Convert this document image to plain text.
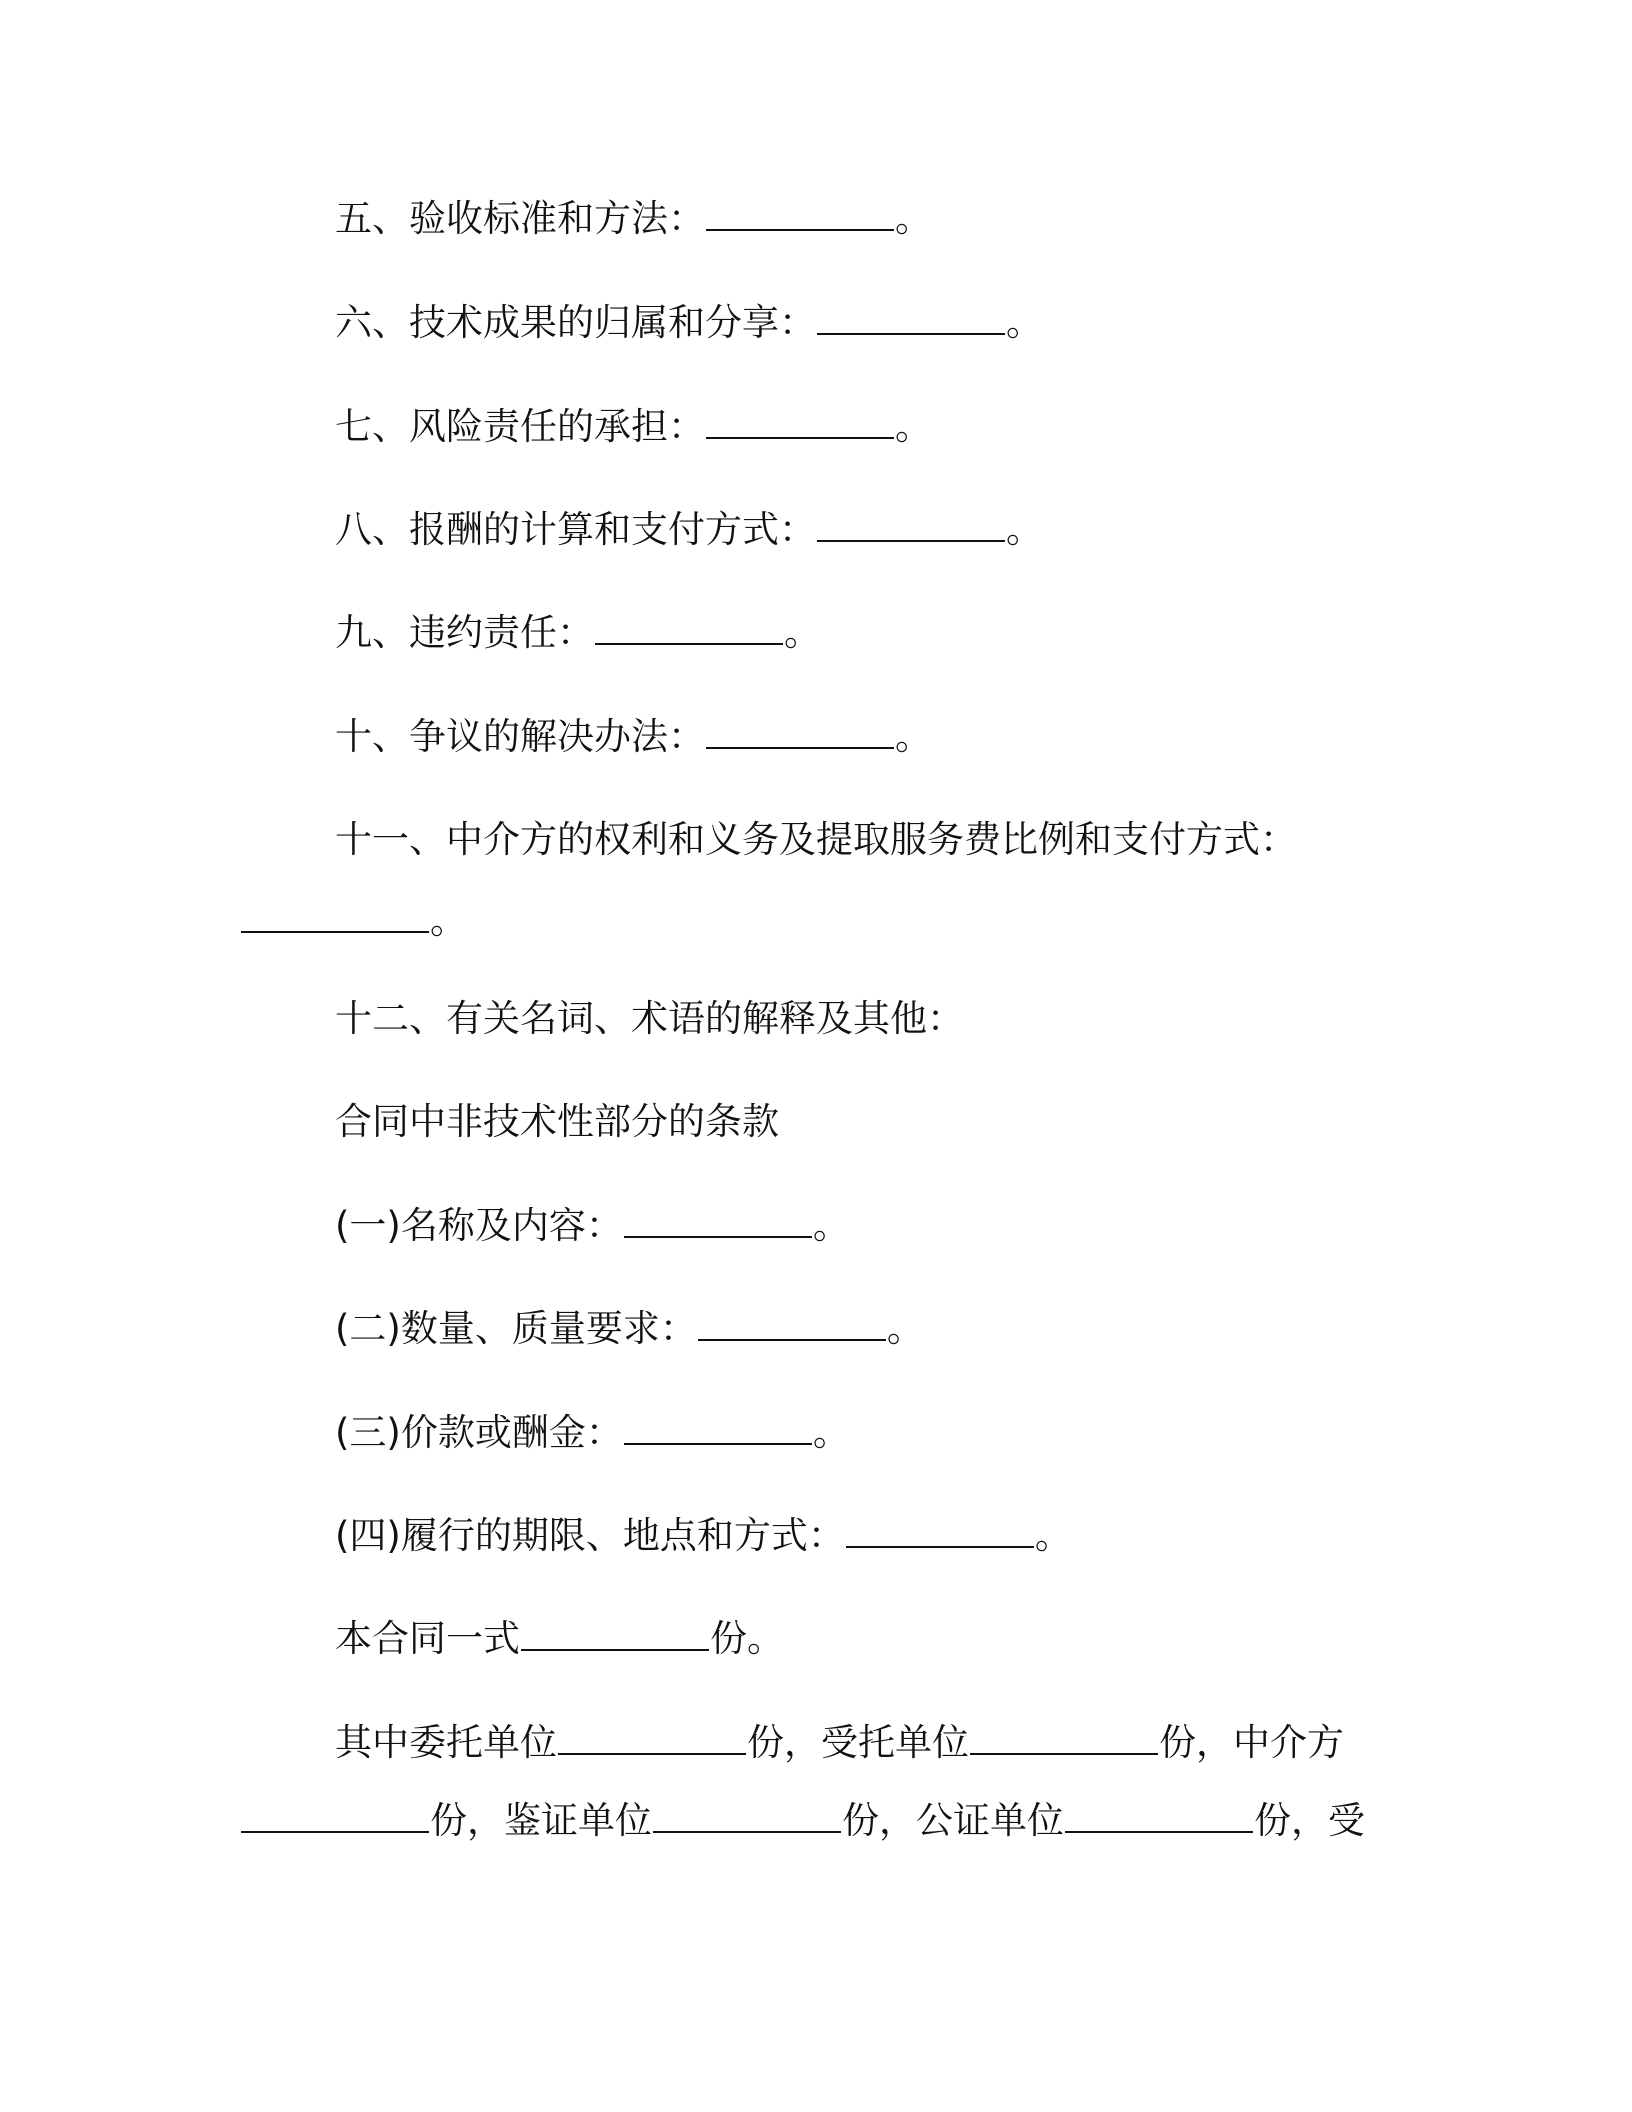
五、验收标准和方法：	。
六、技术成果的归属和分享：	。
七、风险责任的承担：	。
八、报酬的计算和支付方式：	。
九、违约责任：	。
十、争议的解决办法：	。
十一、中介方的权利和义务及提取服务费比例和支付方式：
。
十二、有关名词、术语的解释及其他：
合同中非技术性部分的条款
(一)名称及内容：	。
(二)数量、质量要求：	。
(三)价款或酬金：	。
(四)履行的期限、地点和方式：	。
本合同一式	份。
其中委托单位	份，受托单位	份，中介方
份，鉴证单位	份，公证单位	份，受
